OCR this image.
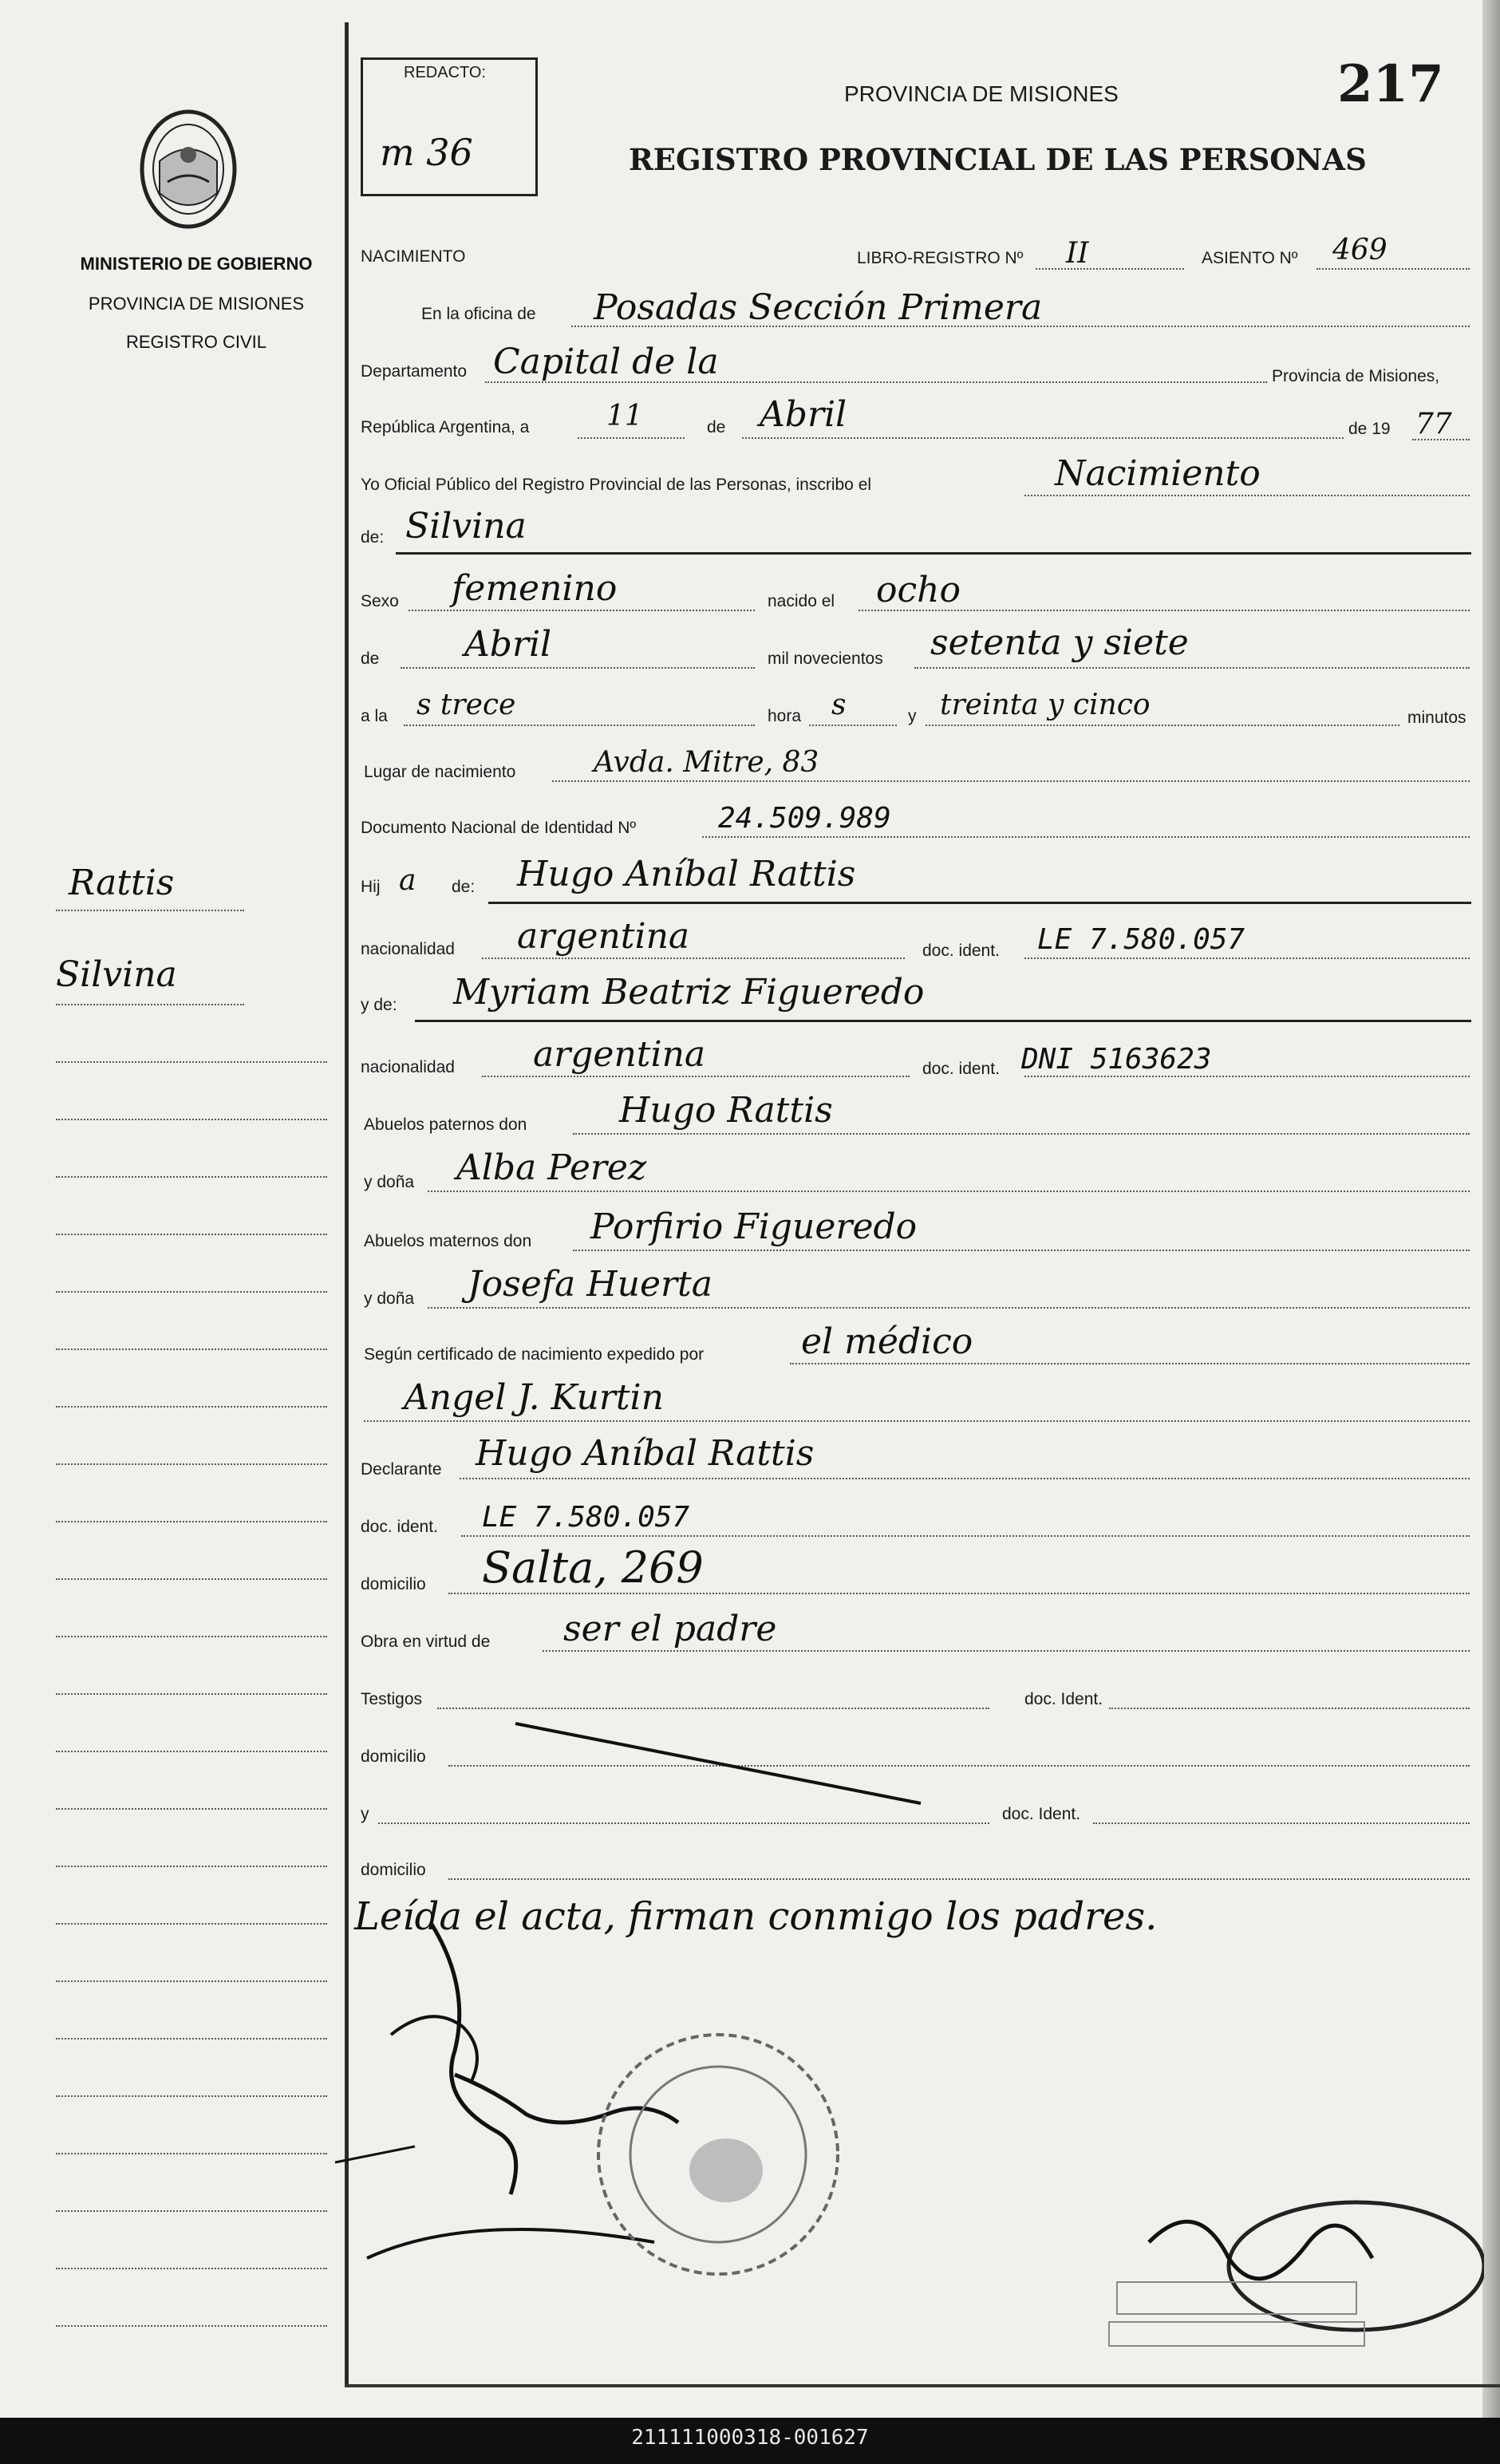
MINISTERIO DE GOBIERNO
PROVINCIA DE MISIONES
REGISTRO CIVIL
Rattis
Silvina
REDACTO:
m 36
PROVINCIA DE MISIONES
REGISTRO PROVINCIAL DE LAS PERSONAS
217
NACIMIENTO	LIBRO-REGISTRO Nº II	ASIENTO Nº 469
En la oficina de Posadas Sección Primera
Departamento Capital de la	Provincia de Misiones,
República Argentina, a	11	de Abril	de 19 77
Yo Oficial Público del Registro Provincial de las Personas, inscribo el	Nacimiento
de: Silvina
Sexo femenino	nacido el ocho
de Abril	mil novecientos setenta y siete
a la s trece	hora s	y treinta y cinco	minutos
Lugar de nacimiento	Avda. Mitre, 83
Documento Nacional de Identidad Nº	24.509.989
Hij a de: Hugo Aníbal Rattis
nacionalidad argentina	doc. ident. LE 7.580.057
y de: Myriam Beatriz Figueredo
nacionalidad argentina	doc. ident. DNI 5163623
Abuelos paternos don	Hugo Rattis
y doña Alba Perez
Abuelos maternos don Porfirio Figueredo
y doña Josefa Huerta
Según certificado de nacimiento expedido por	el médico
Angel J. Kurtin
Declarante Hugo Aníbal Rattis
doc. ident. LE 7.580.057
domicilio Salta, 269
Obra en virtud de ser el padre
Testigos	doc. Ident.
domicilio
y	doc. Ident.
domicilio
Leída el acta, firman conmigo los padres.
211111000318-001627
